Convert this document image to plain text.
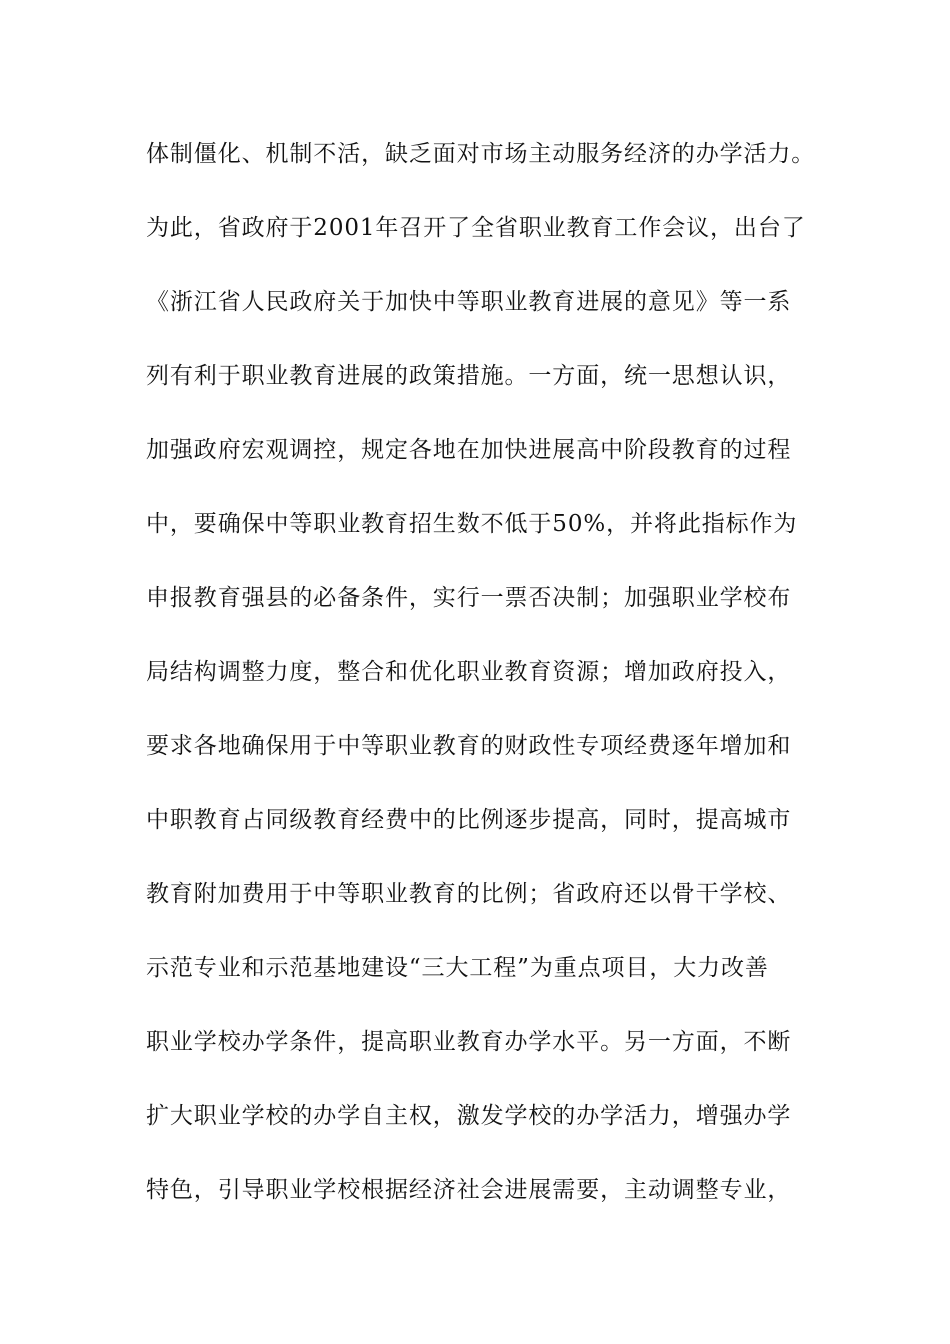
体制僵化、机制不活，缺乏面对市场主动服务经济的办学活力。
为此，省政府于2001年召开了全省职业教育工作会议，出台了
《浙江省人民政府关于加快中等职业教育进展的意见》等一系
列有利于职业教育进展的政策措施。一方面，统一思想认识，
加强政府宏观调控，规定各地在加快进展高中阶段教育的过程
中，要确保中等职业教育招生数不低于50%，并将此指标作为
申报教育强县的必备条件，实行一票否决制；加强职业学校布
局结构调整力度，整合和优化职业教育资源；增加政府投入，
要求各地确保用于中等职业教育的财政性专项经费逐年增加和
中职教育占同级教育经费中的比例逐步提高，同时，提高城市
教育附加费用于中等职业教育的比例；省政府还以骨干学校、
示范专业和示范基地建设“三大工程”为重点项目，大力改善
职业学校办学条件，提高职业教育办学水平。另一方面，不断
扩大职业学校的办学自主权，激发学校的办学活力，增强办学
特色，引导职业学校根据经济社会进展需要，主动调整专业，
